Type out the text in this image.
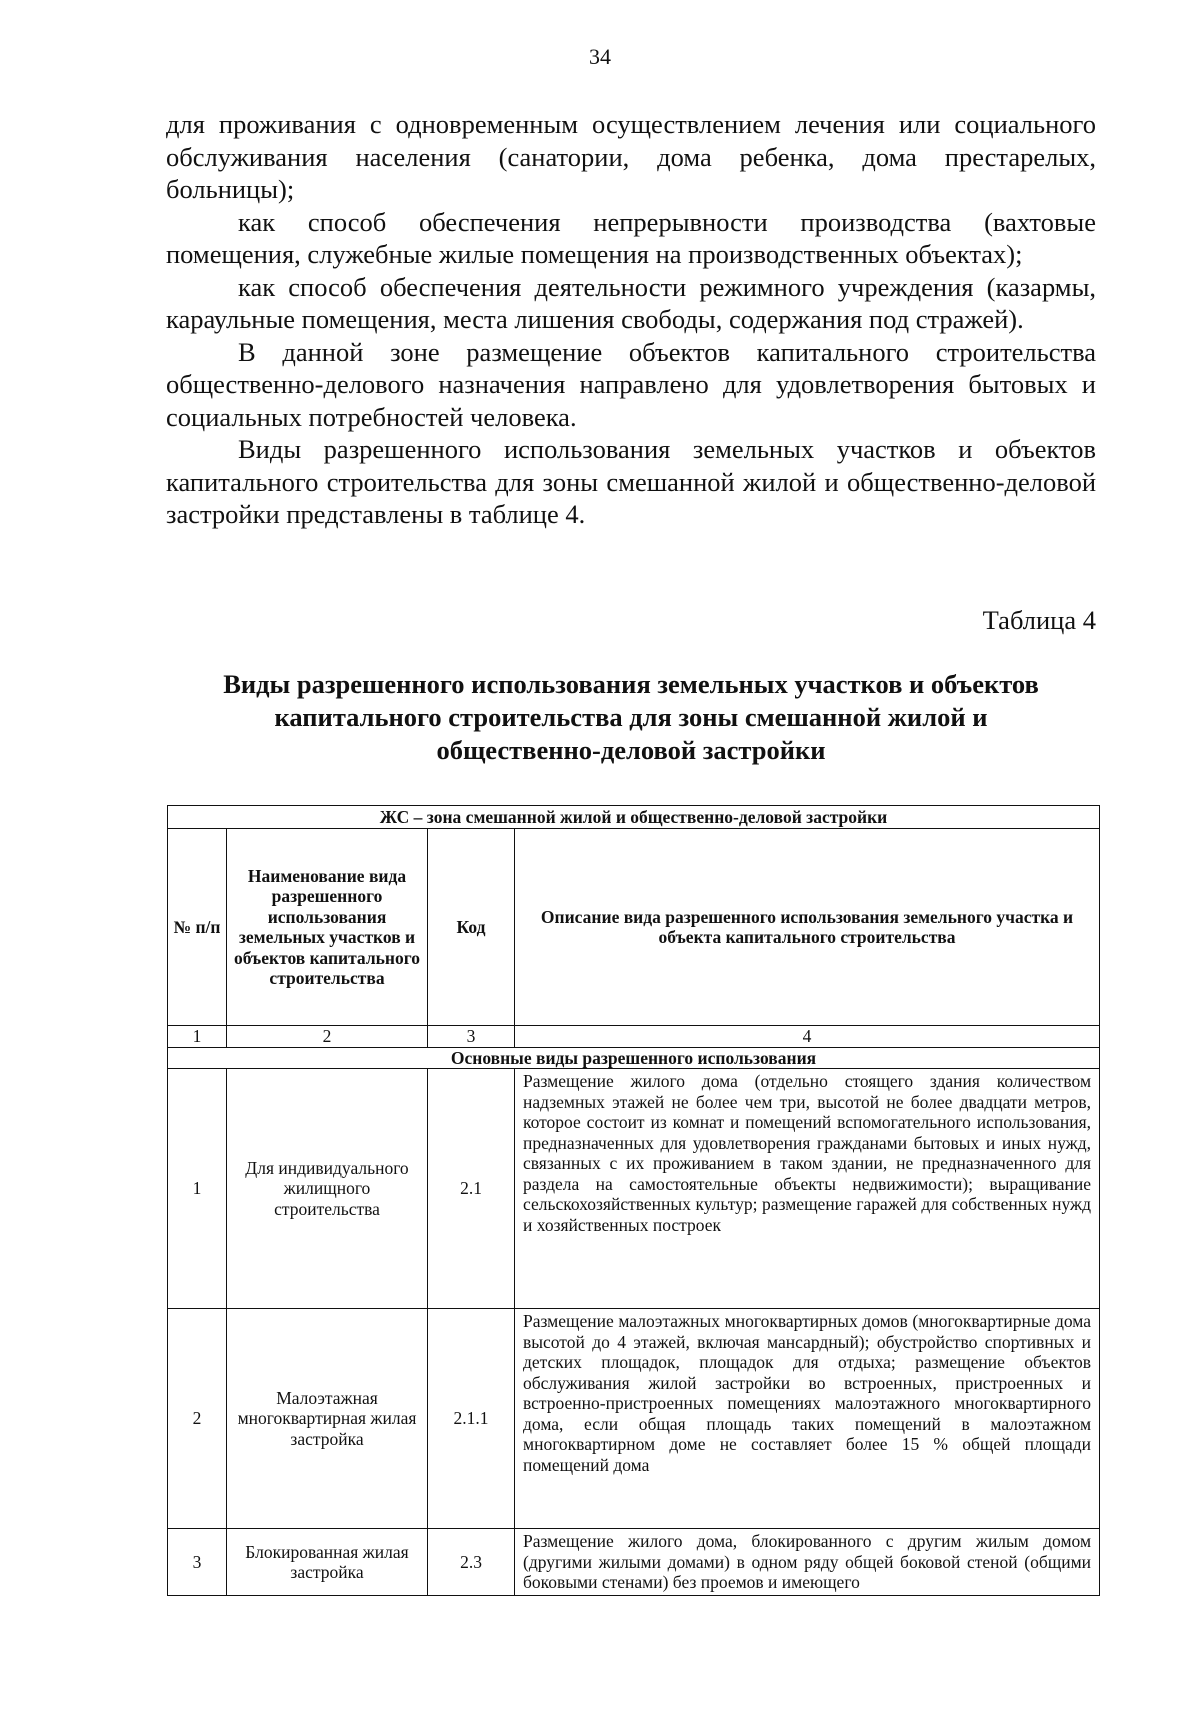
34

для проживания с одновременным осуществлением лечения или социального обслуживания населения (санатории, дома ребенка, дома престарелых, больницы);

как способ обеспечения непрерывности производства (вахтовые помещения, служебные жилые помещения на производственных объектах);

как способ обеспечения деятельности режимного учреждения (казармы, караульные помещения, места лишения свободы, содержания под стражей).

В данной зоне размещение объектов капитального строительства общественно-делового назначения направлено для удовлетворения бытовых и социальных потребностей человека.

Виды разрешенного использования земельных участков и объектов капитального строительства для зоны смешанной жилой и общественно-деловой застройки представлены в таблице 4.

Таблица 4
Виды разрешенного использования земельных участков и объектов
капитального строительства для зоны смешанной жилой и
общественно-деловой застройки
ЖС – зона смешанной жилой и общественно-деловой застройки			
№ п/п	Наименование вида разрешенного использования земельных участков и объектов капитального строительства	Код	Описание вида разрешенного использования земельного участка и объекта капитального строительства
1	2	3	4
Основные виды разрешенного использования			
1	Для индивидуального жилищного строительства	2.1	Размещение жилого дома (отдельно стоящего здания количеством надземных этажей не более чем три, высотой не более двадцати метров, которое состоит из комнат и помещений вспомогательного использования, предназначенных для удовлетворения гражданами бытовых и иных нужд, связанных с их проживанием в таком здании, не предназначенного для раздела на самостоятельные объекты недвижимости); выращивание сельскохозяйственных культур; размещение гаражей для собственных нужд и хозяйственных построек
2	Малоэтажная многоквартирная жилая застройка	2.1.1	Размещение малоэтажных многоквартирных домов (многоквартирные дома высотой до 4 этажей, включая мансардный); обустройство спортивных и детских площадок, площадок для отдыха; размещение объектов обслуживания жилой застройки во встроенных, пристроенных и встроенно-пристроенных помещениях малоэтажного многоквартирного дома, если общая площадь таких помещений в малоэтажном многоквартирном доме не составляет более 15 % общей площади помещений дома
3	Блокированная жилая застройка	2.3	Размещение жилого дома, блокированного с другим жилым домом (другими жилыми домами) в одном ряду общей боковой стеной (общими боковыми стенами) без проемов и имеющего
